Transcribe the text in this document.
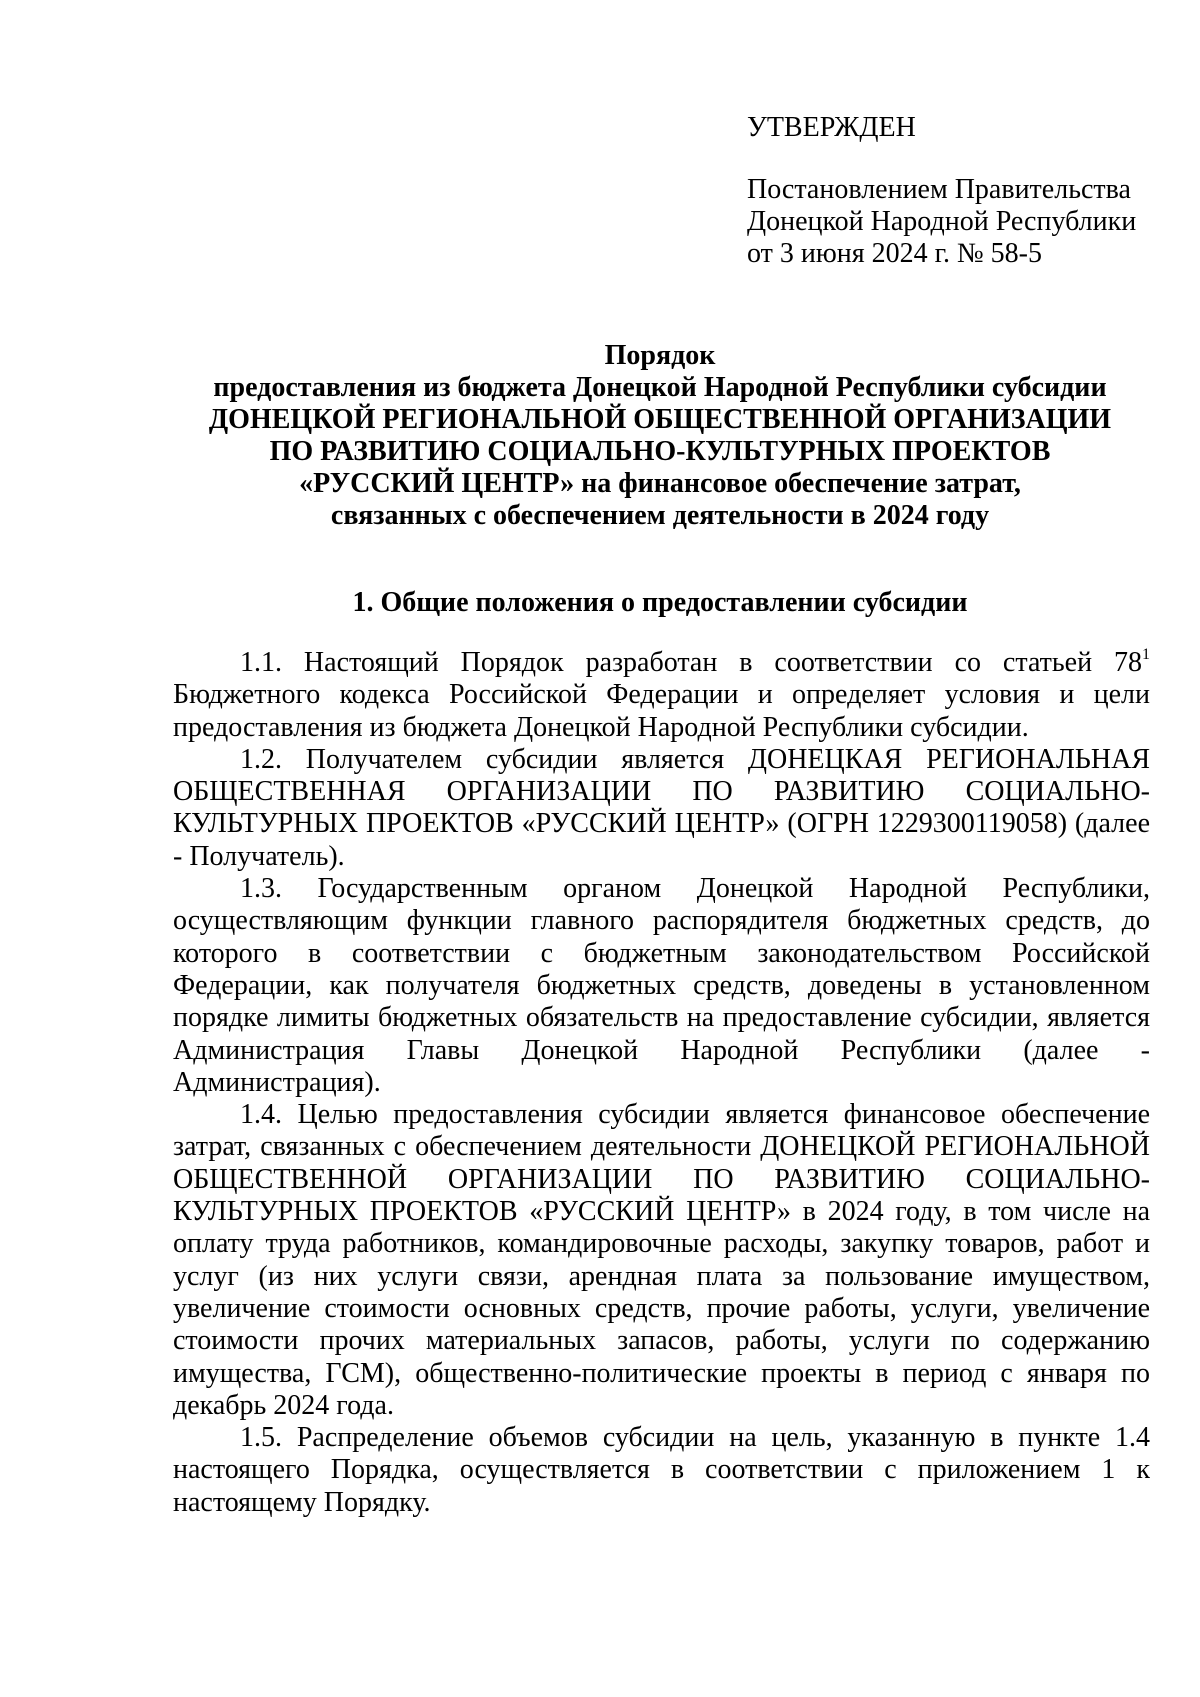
УТВЕРЖДЕН
Постановлением Правительства
Донецкой Народной Республики
от 3 июня 2024 г. № 58-5
Порядок
предоставления из бюджета Донецкой Народной Республики субсидии
ДОНЕЦКОЙ РЕГИОНАЛЬНОЙ ОБЩЕСТВЕННОЙ ОРГАНИЗАЦИИ
ПО РАЗВИТИЮ СОЦИАЛЬНО-КУЛЬТУРНЫХ ПРОЕКТОВ
«РУССКИЙ ЦЕНТР» на финансовое обеспечение затрат,
связанных с обеспечением деятельности в 2024 году
1. Общие положения о предоставлении субсидии

1.1. Настоящий Порядок разработан в соответствии со статьей $78^1$ Бюджетного кодекса Российской Федерации и определяет условия и цели предоставления из бюджета Донецкой Народной Республики субсидии.

1.2. Получателем субсидии является ДОНЕЦКАЯ РЕГИОНАЛЬНАЯ ОБЩЕСТВЕННАЯ ОРГАНИЗАЦИИ ПО РАЗВИТИЮ СОЦИАЛЬНО-КУЛЬТУРНЫХ ПРОЕКТОВ «РУССКИЙ ЦЕНТР» (ОГРН 1229300119058) (далее - Получатель).

1.3. Государственным органом Донецкой Народной Республики, осуществляющим функции главного распорядителя бюджетных средств, до которого в соответствии с бюджетным законодательством Российской Федерации, как получателя бюджетных средств, доведены в установленном порядке лимиты бюджетных обязательств на предоставление субсидии, является Администрация Главы Донецкой Народной Республики (далее - Администрация).

1.4. Целью предоставления субсидии является финансовое обеспечение затрат, связанных с обеспечением деятельности ДОНЕЦКОЙ РЕГИОНАЛЬНОЙ ОБЩЕСТВЕННОЙ ОРГАНИЗАЦИИ ПО РАЗВИТИЮ СОЦИАЛЬНО-КУЛЬТУРНЫХ ПРОЕКТОВ «РУССКИЙ ЦЕНТР» в 2024 году, в том числе на оплату труда работников, командировочные расходы, закупку товаров, работ и услуг (из них услуги связи, арендная плата за пользование имуществом, увеличение стоимости основных средств, прочие работы, услуги, увеличение стоимости прочих материальных запасов, работы, услуги по содержанию имущества, ГСМ), общественно-политические проекты в период с января по декабрь 2024 года.

1.5. Распределение объемов субсидии на цель, указанную в пункте 1.4 настоящего Порядка, осуществляется в соответствии с приложением 1 к настоящему Порядку.
